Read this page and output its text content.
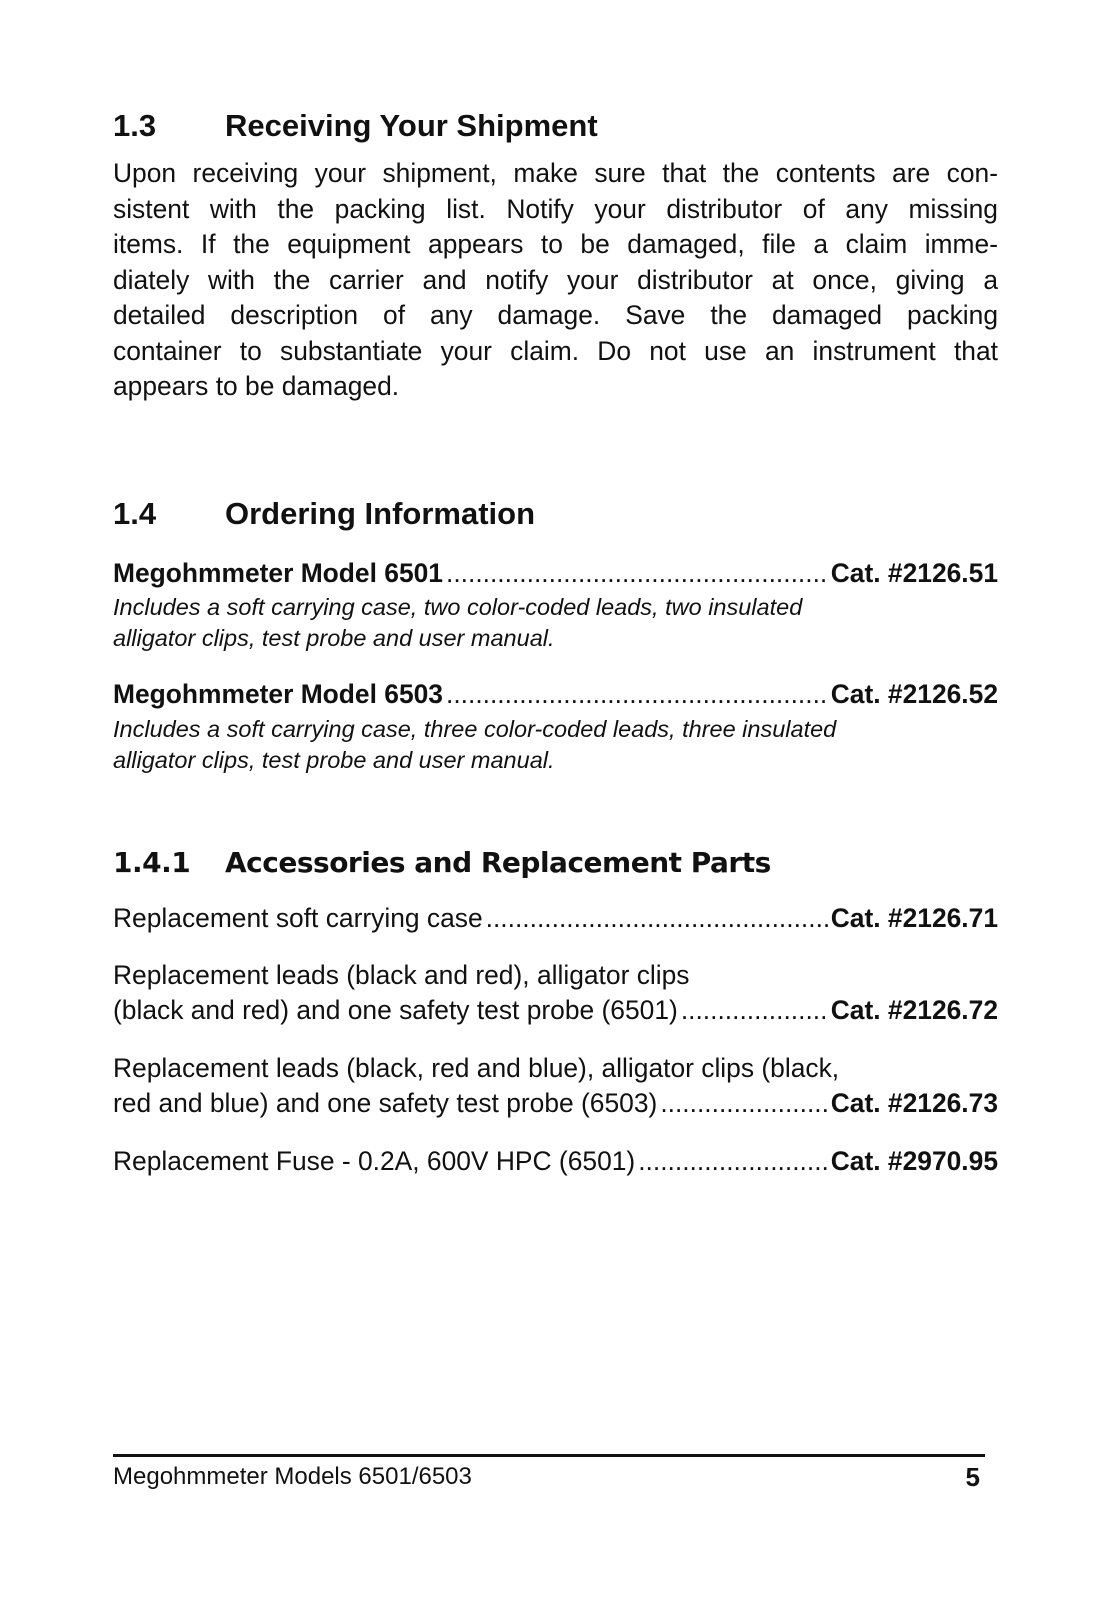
1.3 Receiving Your Shipment
Upon receiving your shipment, make sure that the contents are con-
sistent with the packing list. Notify your distributor of any missing
items. If the equipment appears to be damaged, file a claim imme-
diately with the carrier and notify your distributor at once, giving a
detailed description of any damage. Save the damaged packing
container to substantiate your claim. Do not use an instrument that
appears to be damaged.
1.4 Ordering Information
Megohmmeter Model 6501 .....	Cat. #2126.51
Includes a soft carrying case, two color-coded leads, two insulated
alligator clips, test probe and user manual.
Megohmmeter Model 6503 .....	Cat. #2126.52
Includes a soft carrying case, three color-coded leads, three insulated
alligator clips, test probe and user manual.
1.4.1 Accessories and Replacement Parts
Replacement soft carrying case .....	Cat. #2126.71
Replacement leads (black and red), alligator clips
(black and red) and one safety test probe (6501) .....	Cat. #2126.72
Replacement leads (black, red and blue), alligator clips (black,
red and blue) and one safety test probe (6503) .....	Cat. #2126.73
Replacement Fuse - 0.2A, 600V HPC (6501) .....	Cat. #2970.95
Megohmmeter Models 6501/6503	5
